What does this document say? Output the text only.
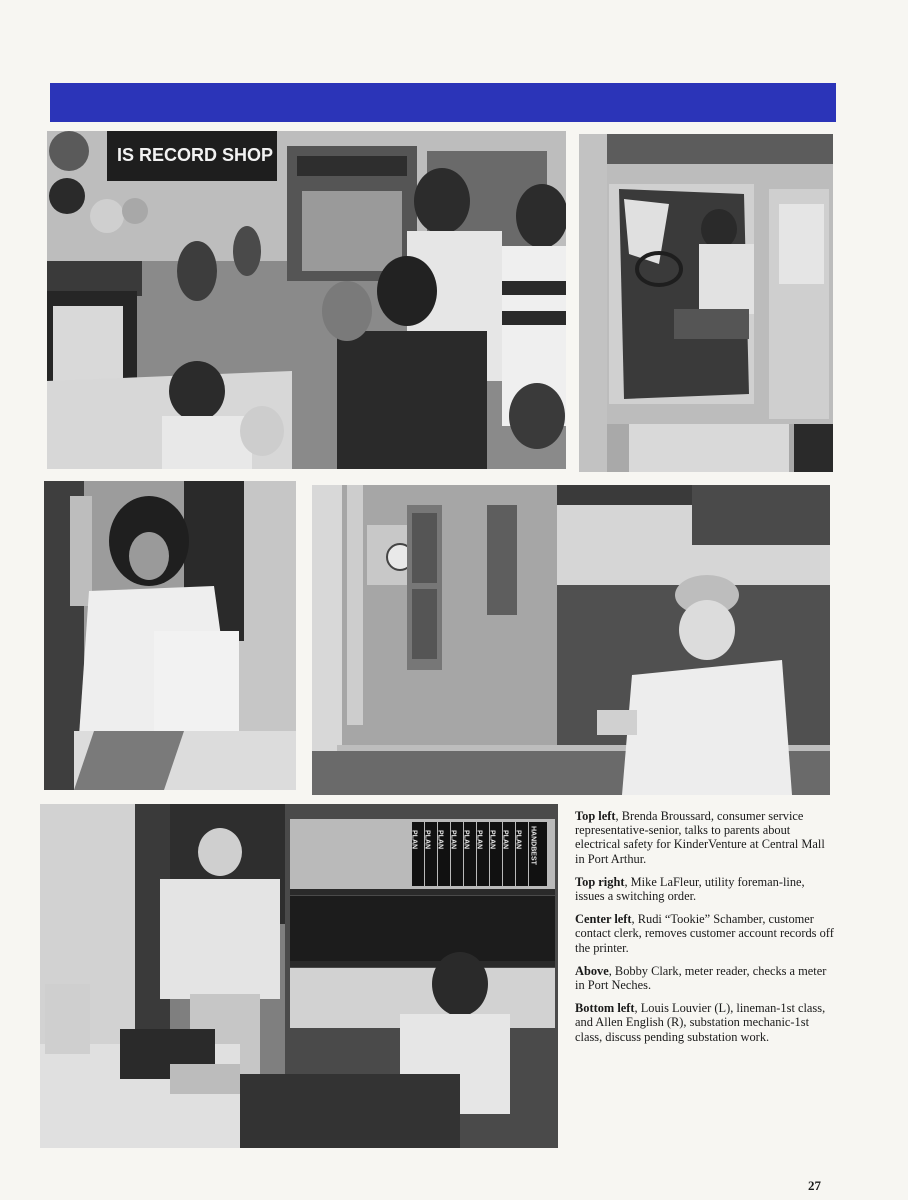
IS RECORD SHOP
PLAN PLAN PLAN PLAN PLAN PLAN PLAN PLAN PLAN HANDBEST

Top left, Brenda Broussard, consumer service representative-senior, talks to parents about electrical safety for KinderVenture at Central Mall in Port Arthur.

Top right, Mike LaFleur, utility foreman-line, issues a switching order.

Center left, Rudi “Tookie” Schamber, customer contact clerk, removes customer account records off the printer.

Above, Bobby Clark, meter reader, checks a meter in Port Neches.

Bottom left, Louis Louvier (L), lineman-1st class, and Allen English (R), substation mechanic-1st class, discuss pending substation work.

27
